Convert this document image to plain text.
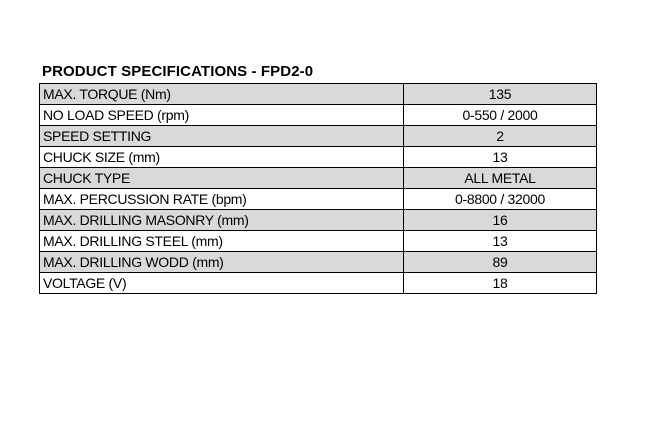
PRODUCT SPECIFICATIONS - FPD2-0
MAX. TORQUE (Nm)	135
NO LOAD SPEED (rpm)	0-550 / 2000
SPEED SETTING	2
CHUCK SIZE (mm)	13
CHUCK TYPE	ALL METAL
MAX. PERCUSSION RATE (bpm)	0-8800 / 32000
MAX. DRILLING MASONRY (mm)	16
MAX. DRILLING STEEL (mm)	13
MAX. DRILLING WODD (mm)	89
VOLTAGE (V)	18
